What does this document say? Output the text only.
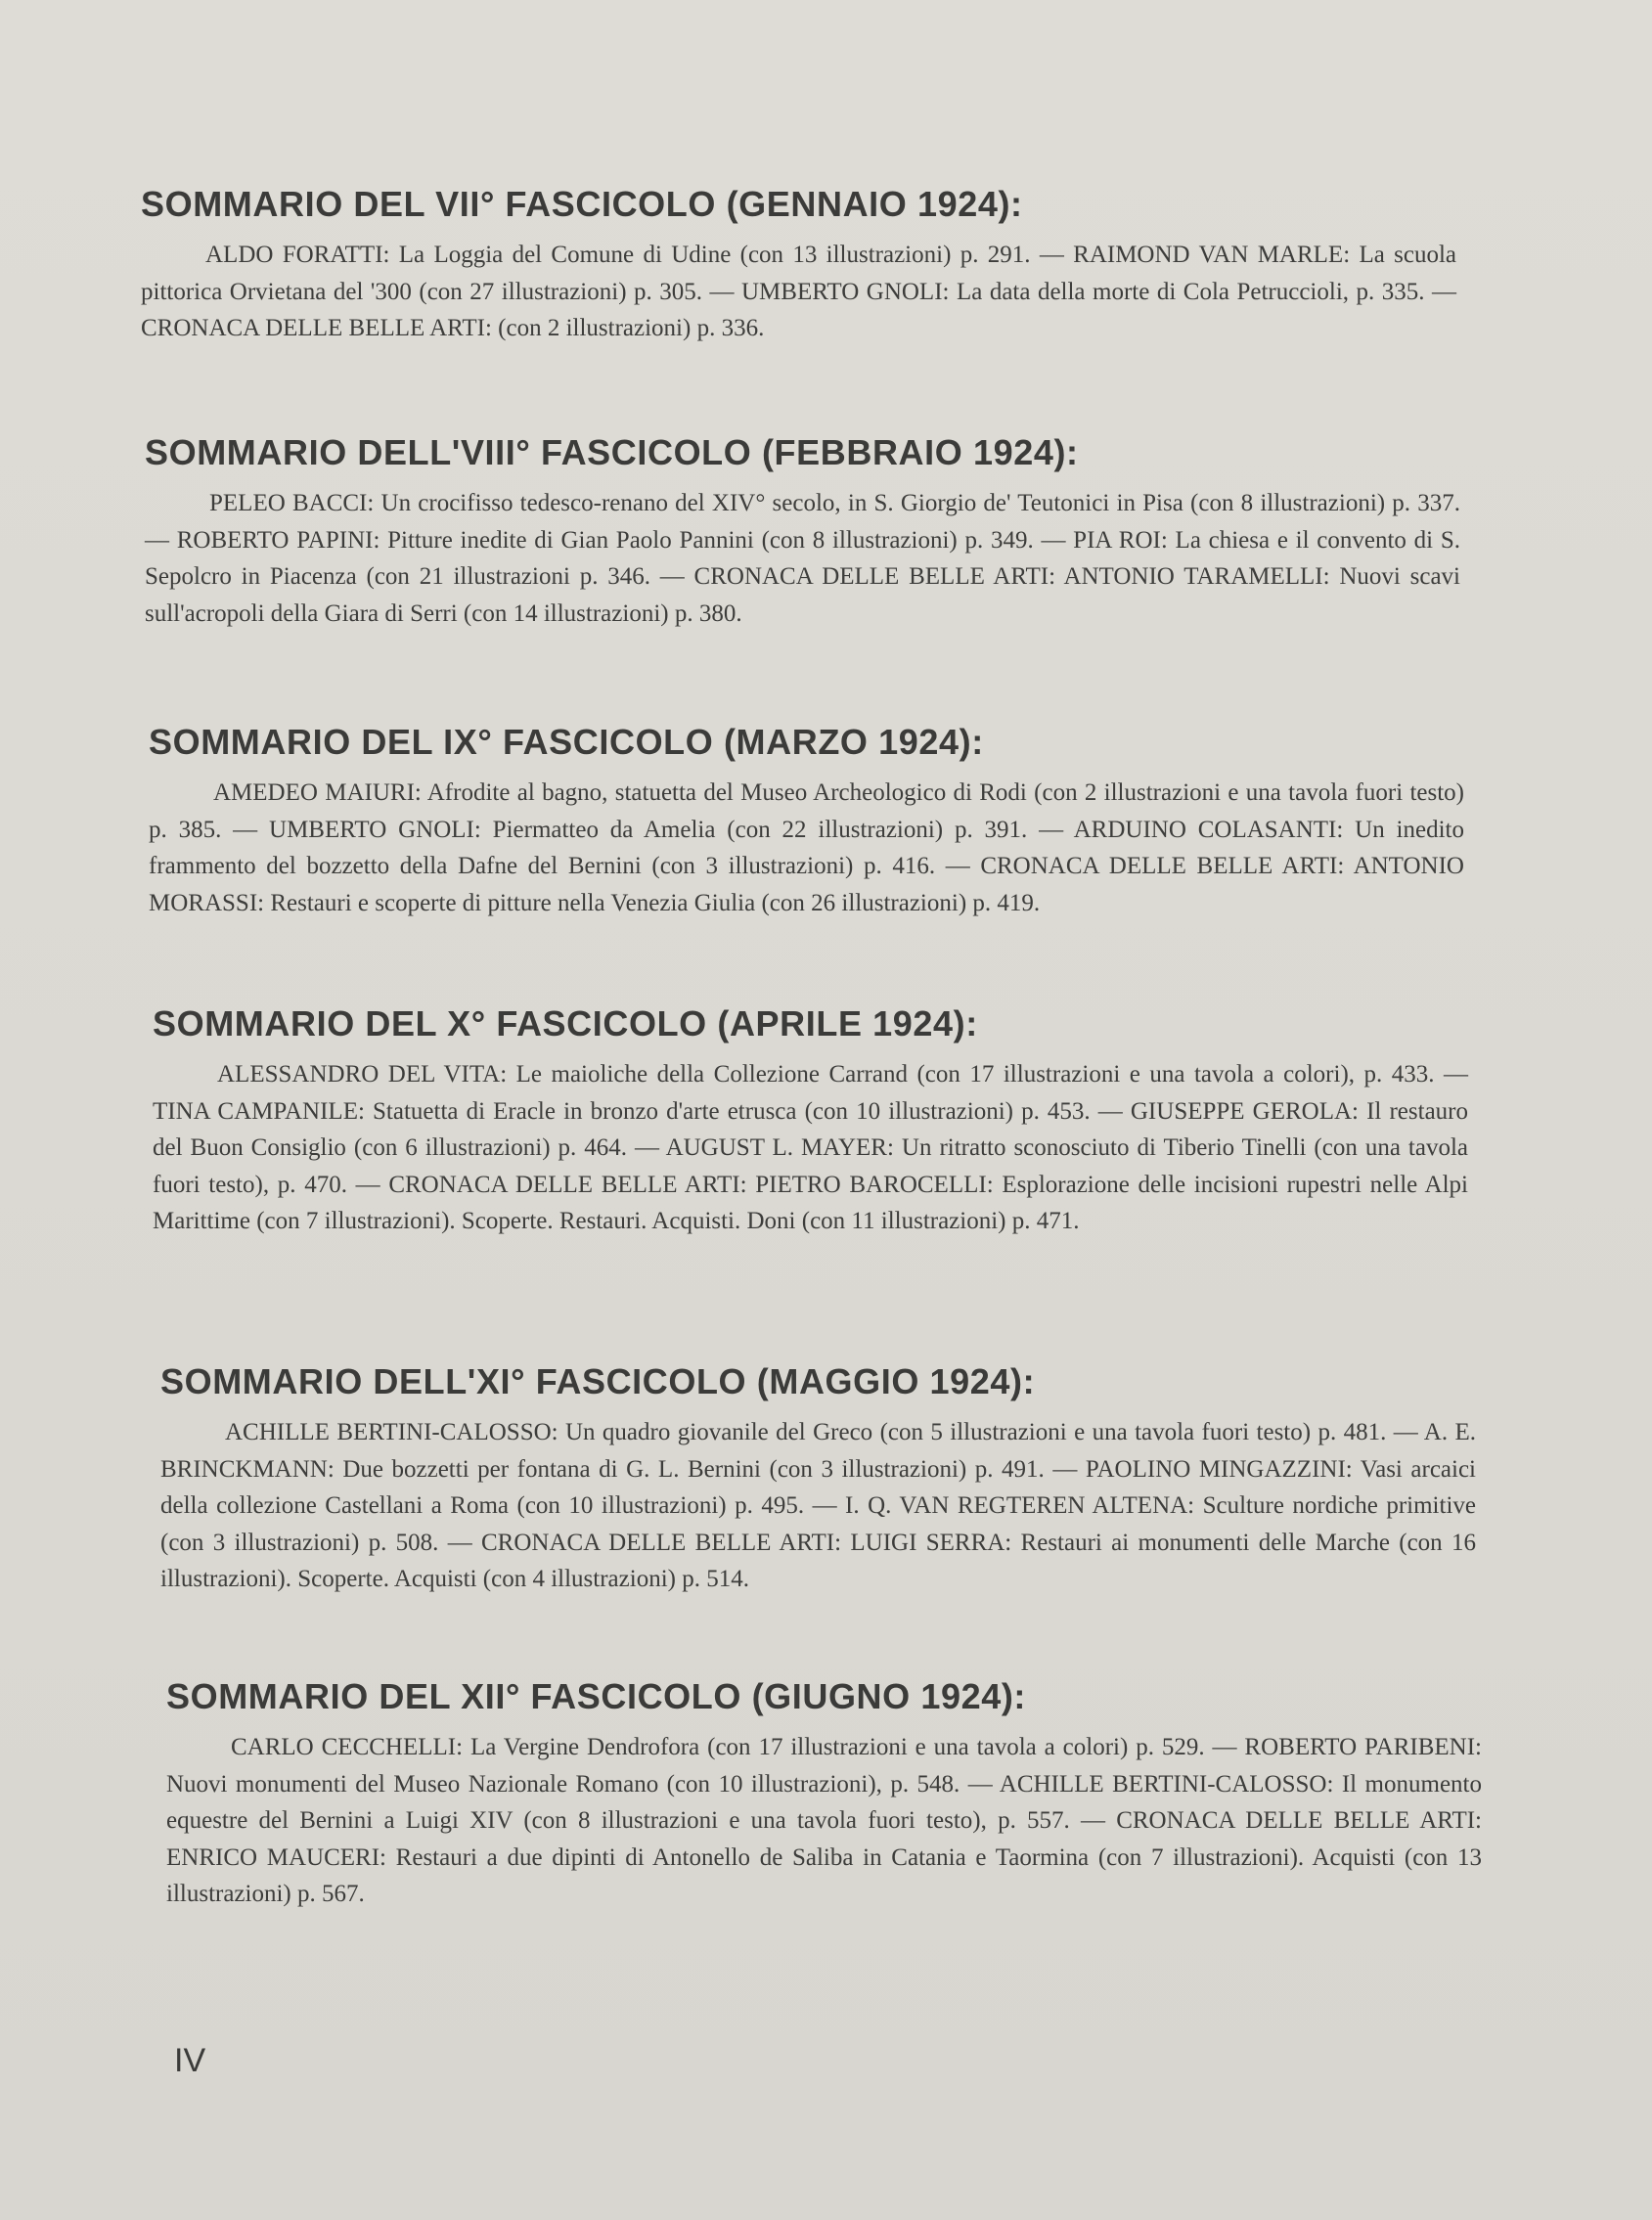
SOMMARIO DEL VII° FASCICOLO (GENNAIO 1924):

ALDO FORATTI: La Loggia del Comune di Udine (con 13 illustrazioni) p. 291. — RAIMOND VAN MARLE: La scuola pittorica Orvietana del '300 (con 27 illustrazioni) p. 305. — UMBERTO GNOLI: La data della morte di Cola Petruccioli, p. 335. — CRONACA DELLE BELLE ARTI: (con 2 illustrazioni) p. 336.

SOMMARIO DELL'VIII° FASCICOLO (FEBBRAIO 1924):

PELEO BACCI: Un crocifisso tedesco-renano del XIV° secolo, in S. Giorgio de' Teutonici in Pisa (con 8 illustrazioni) p. 337. — ROBERTO PAPINI: Pitture inedite di Gian Paolo Pannini (con 8 illustrazioni) p. 349. — PIA ROI: La chiesa e il convento di S. Sepolcro in Piacenza (con 21 illustrazioni p. 346. — CRONACA DELLE BELLE ARTI: ANTONIO TARAMELLI: Nuovi scavi sull'acropoli della Giara di Serri (con 14 illustrazioni) p. 380.

SOMMARIO DEL IX° FASCICOLO (MARZO 1924):

AMEDEO MAIURI: Afrodite al bagno, statuetta del Museo Archeologico di Rodi (con 2 illustrazioni e una tavola fuori testo) p. 385. — UMBERTO GNOLI: Piermatteo da Amelia (con 22 illustrazioni) p. 391. — ARDUINO COLASANTI: Un inedito frammento del bozzetto della Dafne del Bernini (con 3 illustrazioni) p. 416. — CRONACA DELLE BELLE ARTI: ANTONIO MORASSI: Restauri e scoperte di pitture nella Venezia Giulia (con 26 illustrazioni) p. 419.

SOMMARIO DEL X° FASCICOLO (APRILE 1924):

ALESSANDRO DEL VITA: Le maioliche della Collezione Carrand (con 17 illustrazioni e una tavola a colori), p. 433. — TINA CAMPANILE: Statuetta di Eracle in bronzo d'arte etrusca (con 10 illustrazioni) p. 453. — GIUSEPPE GEROLA: Il restauro del Buon Consiglio (con 6 illustrazioni) p. 464. — AUGUST L. MAYER: Un ritratto sconosciuto di Tiberio Tinelli (con una tavola fuori testo), p. 470. — CRONACA DELLE BELLE ARTI: PIETRO BAROCELLI: Esplorazione delle incisioni rupestri nelle Alpi Marittime (con 7 illustrazioni). Scoperte. Restauri. Acquisti. Doni (con 11 illustrazioni) p. 471.

SOMMARIO DELL'XI° FASCICOLO (MAGGIO 1924):

ACHILLE BERTINI-CALOSSO: Un quadro giovanile del Greco (con 5 illustrazioni e una tavola fuori testo) p. 481. — A. E. BRINCKMANN: Due bozzetti per fontana di G. L. Bernini (con 3 illustrazioni) p. 491. — PAOLINO MINGAZZINI: Vasi arcaici della collezione Castellani a Roma (con 10 illustrazioni) p. 495. — I. Q. VAN REGTEREN ALTENA: Sculture nordiche primitive (con 3 illustrazioni) p. 508. — CRONACA DELLE BELLE ARTI: LUIGI SERRA: Restauri ai monumenti delle Marche (con 16 illustrazioni). Scoperte. Acquisti (con 4 illustrazioni) p. 514.

SOMMARIO DEL XII° FASCICOLO (GIUGNO 1924):

CARLO CECCHELLI: La Vergine Dendrofora (con 17 illustrazioni e una tavola a colori) p. 529. — ROBERTO PARIBENI: Nuovi monumenti del Museo Nazionale Romano (con 10 illustrazioni), p. 548. — ACHILLE BERTINI-CALOSSO: Il monumento equestre del Bernini a Luigi XIV (con 8 illustrazioni e una tavola fuori testo), p. 557. — CRONACA DELLE BELLE ARTI: ENRICO MAUCERI: Restauri a due dipinti di Antonello de Saliba in Catania e Taormina (con 7 illustrazioni). Acquisti (con 13 illustrazioni) p. 567.

IV
